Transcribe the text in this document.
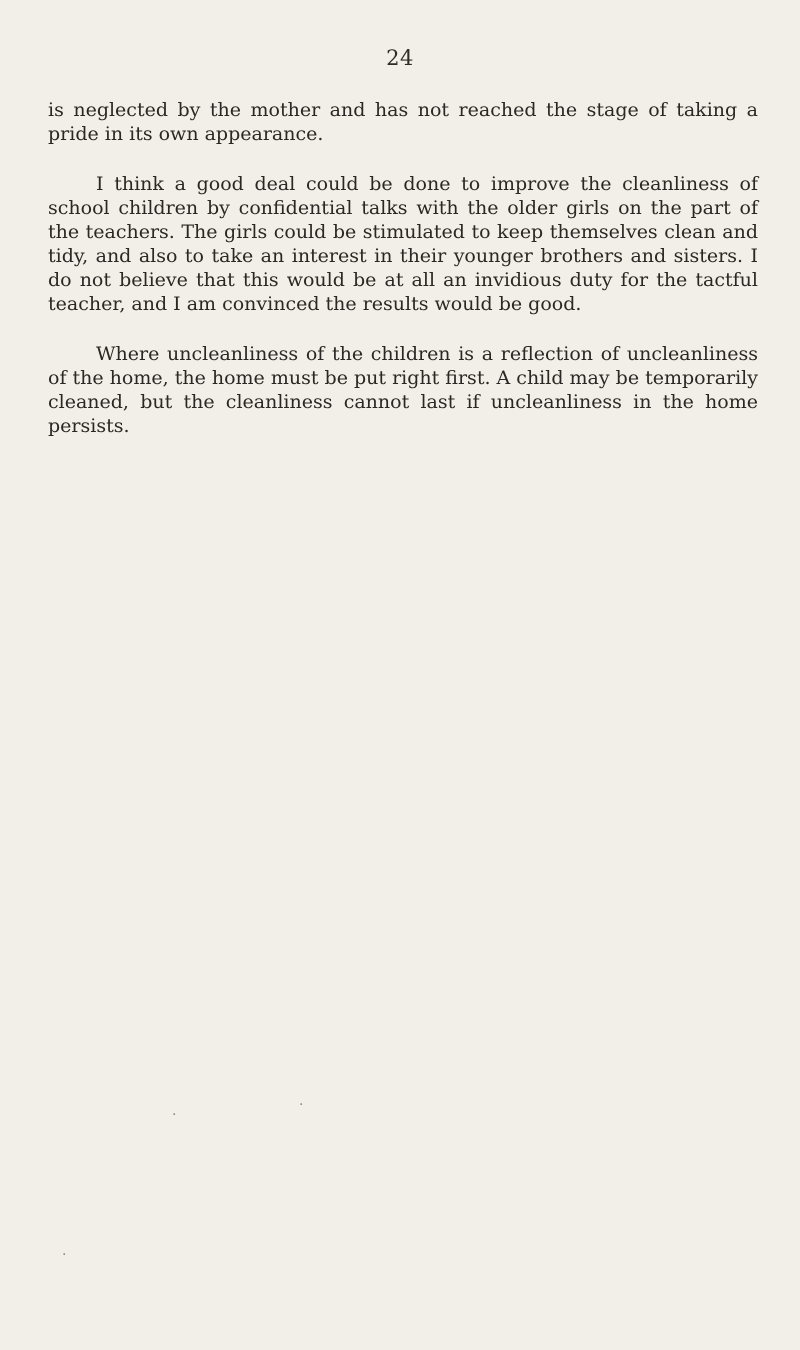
24

is neglected by the mother and has not reached the stage of taking a pride in its own appearance.

I think a good deal could be done to improve the cleanliness of school children by confidential talks with the older girls on the part of the teachers. The girls could be stimulated to keep themselves clean and tidy, and also to take an interest in their younger brothers and sisters. I do not believe that this would be at all an invidious duty for the tactful teacher, and I am convinced the results would be good.

Where uncleanliness of the children is a reflection of uncleanliness of the home, the home must be put right first. A child may be temporarily cleaned, but the cleanliness cannot last if uncleanliness in the home persists.

·
·
·
